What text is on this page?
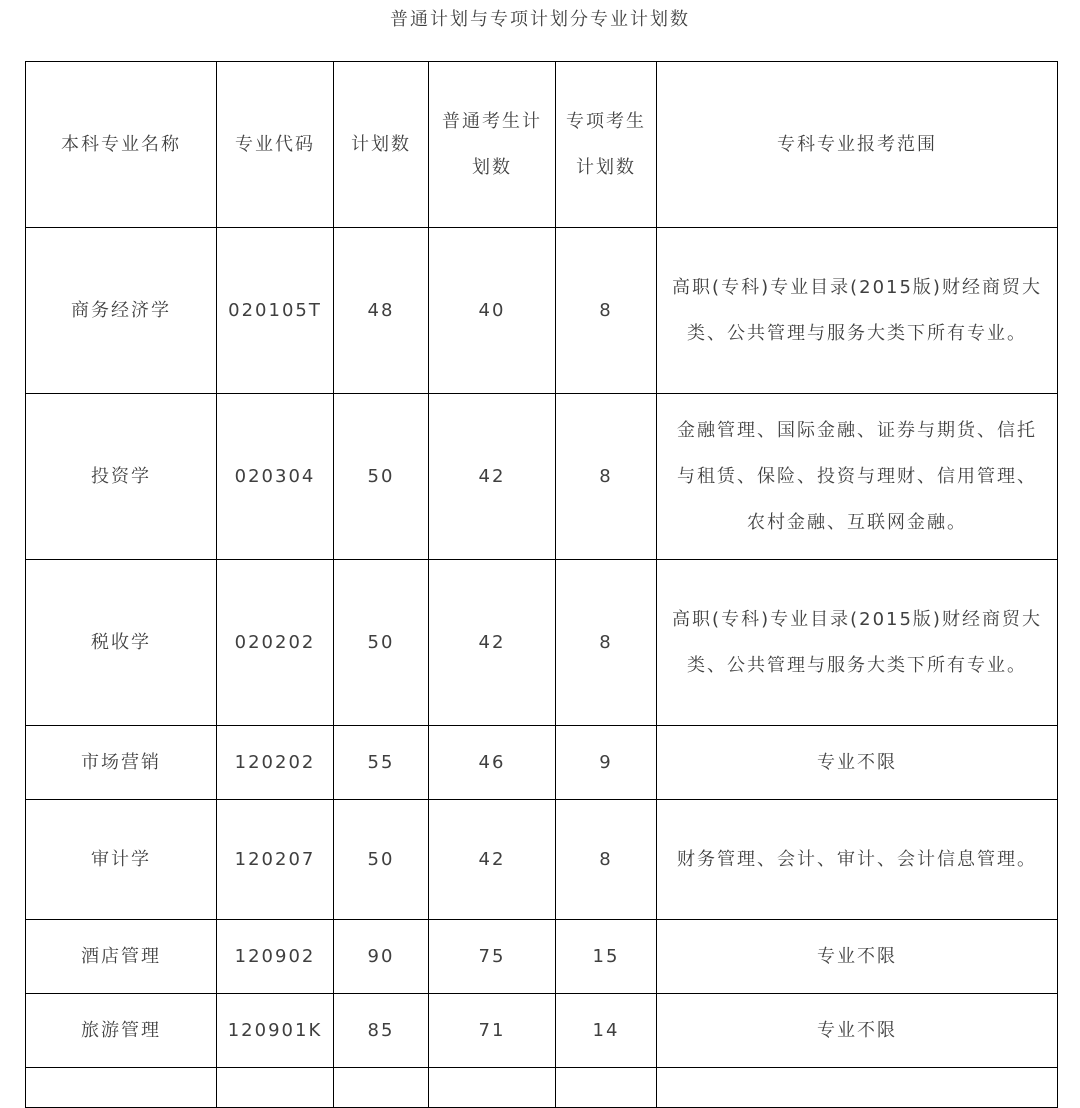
普通计划与专项计划分专业计划数
本科专业名称	专业代码	计划数	普通考生计划数	专项考生计划数	专科专业报考范围
商务经济学	020105T	48	40	8	高职(专科)专业目录(2015版)财经商贸大类、公共管理与服务大类下所有专业。
投资学	020304	50	42	8	金融管理、国际金融、证券与期货、信托与租赁、保险、投资与理财、信用管理、农村金融、互联网金融。
税收学	020202	50	42	8	高职(专科)专业目录(2015版)财经商贸大类、公共管理与服务大类下所有专业。
市场营销	120202	55	46	9	专业不限
审计学	120207	50	42	8	财务管理、会计、审计、会计信息管理。
酒店管理	120902	90	75	15	专业不限
旅游管理	120901K	85	71	14	专业不限
